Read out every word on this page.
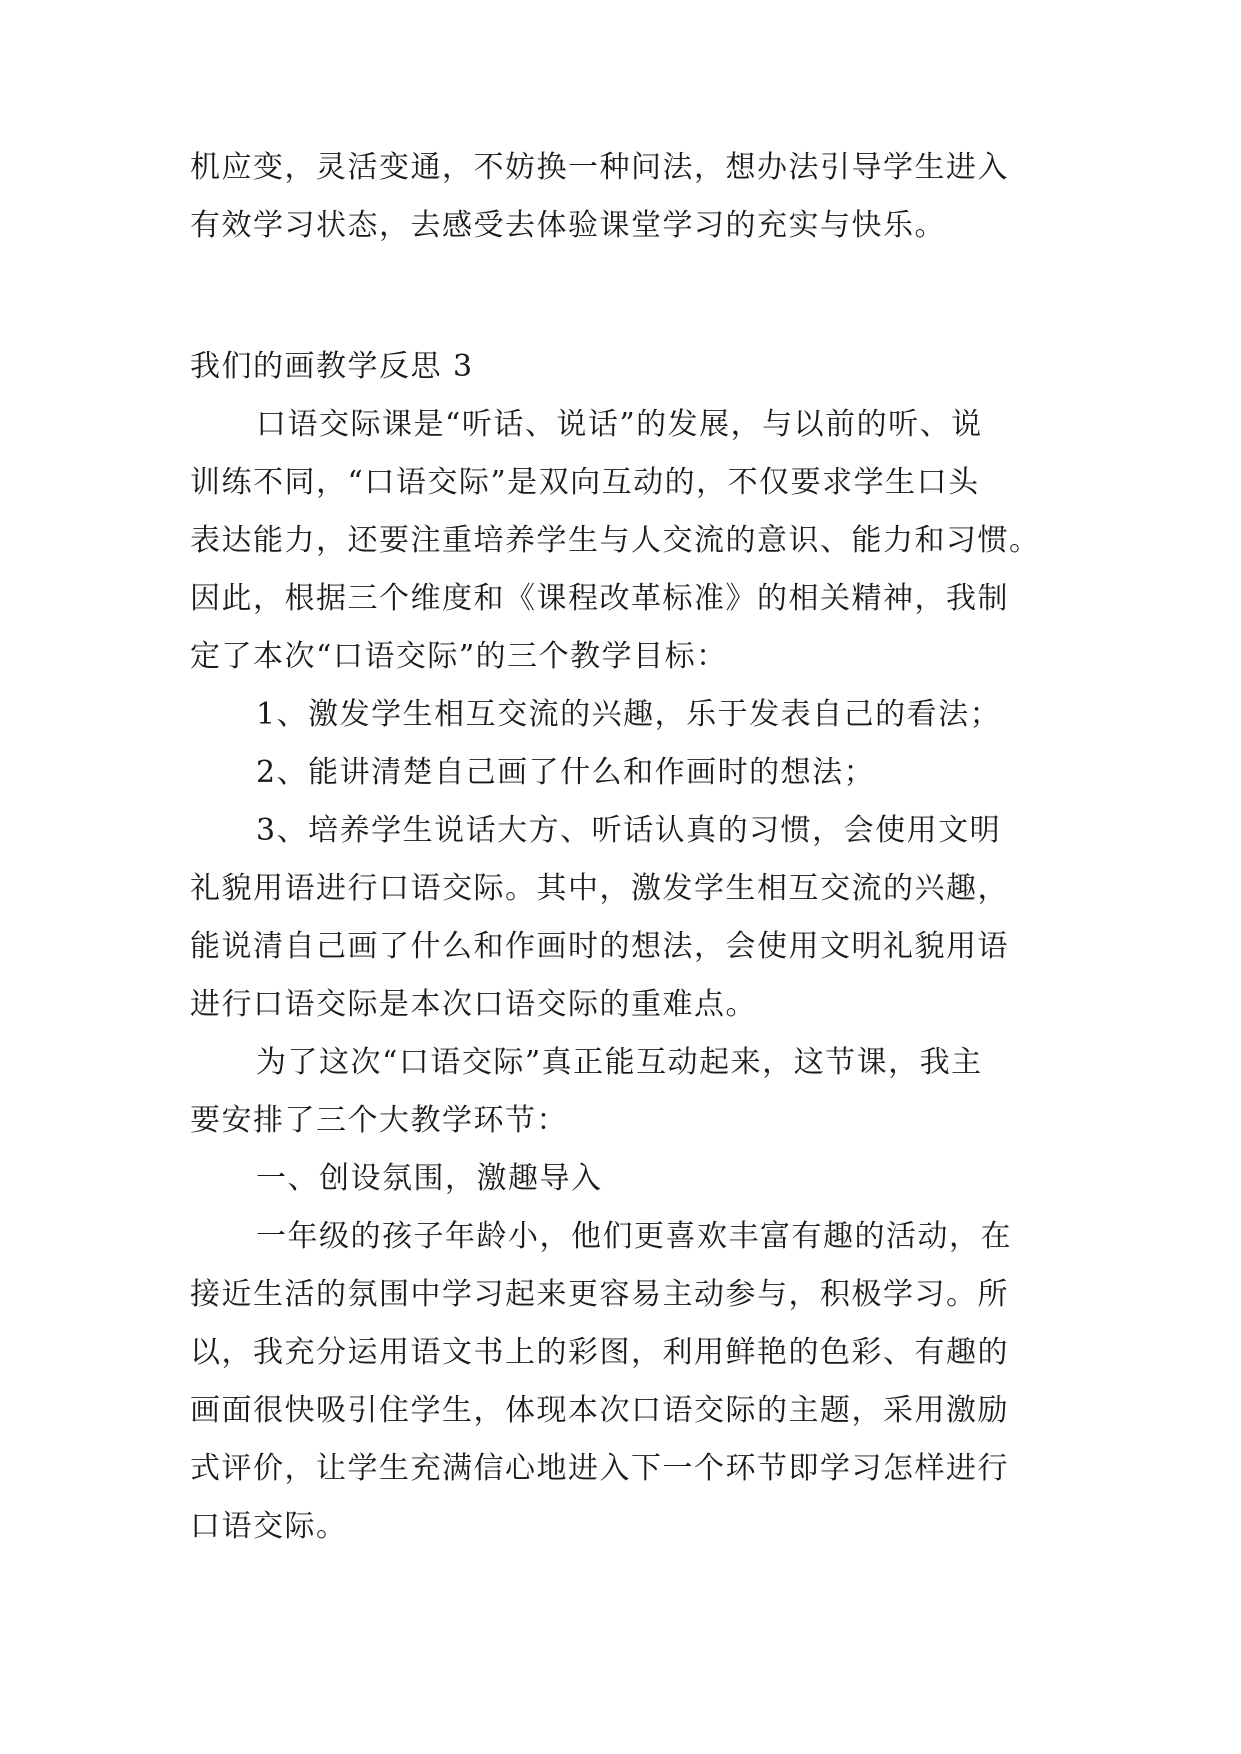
机应变，灵活变通，不妨换一种问法，想办法引导学生进入
有效学习状态，去感受去体验课堂学习的充实与快乐。
我们的画教学反思 3
口语交际课是“听话、说话”的发展，与以前的听、说
训练不同，“口语交际”是双向互动的，不仅要求学生口头
表达能力，还要注重培养学生与人交流的意识、能力和习惯。
因此，根据三个维度和《课程改革标准》的相关精神，我制
定了本次“口语交际”的三个教学目标：
1、激发学生相互交流的兴趣，乐于发表自己的看法；
2、能讲清楚自己画了什么和作画时的想法；
3、培养学生说话大方、听话认真的习惯，会使用文明
礼貌用语进行口语交际。其中，激发学生相互交流的兴趣，
能说清自己画了什么和作画时的想法，会使用文明礼貌用语
进行口语交际是本次口语交际的重难点。
为了这次“口语交际”真正能互动起来，这节课，我主
要安排了三个大教学环节：
一、创设氛围，激趣导入
一年级的孩子年龄小，他们更喜欢丰富有趣的活动，在
接近生活的氛围中学习起来更容易主动参与，积极学习。所
以，我充分运用语文书上的彩图，利用鲜艳的色彩、有趣的
画面很快吸引住学生，体现本次口语交际的主题，采用激励
式评价，让学生充满信心地进入下一个环节即学习怎样进行
口语交际。
